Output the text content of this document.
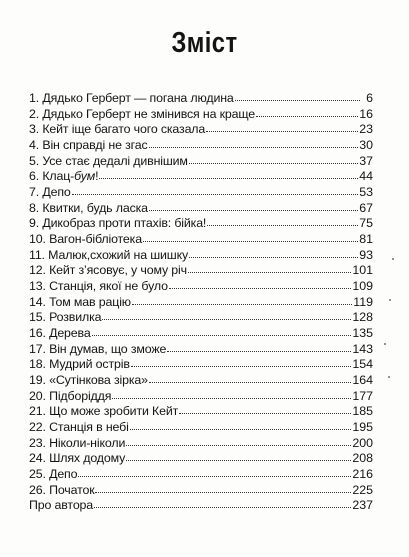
Зміст
1. Дядько Герберт — погана людина	6
2. Дядько Герберт не змінився на краще	16
3. Кейт іще багато чого сказала	23
4. Він справді не згас	30
5. Усе стає дедалі дивнішим	37
6. Клац-бум!	44
7. Депо	53
8. Квитки, будь ласка	67
9. Дикобраз проти птахів: бійка!	75
10. Вагон-бібліотека	81
11. Малюк,схожий на шишку	93
12. Кейт з’ясовує, у чому річ	101
13. Станція, якої не було	109
14. Том мав рацію	119
15. Розвилка	128
16. Дерева	135
17. Він думав, що зможе	143
18. Мудрий острів	154
19. «Сутінкова зірка»	164
20. Підборіддя	177
21. Що може зробити Кейт	185
22. Станція в небі	195
23. Ніколи-ніколи	200
24. Шлях додому	208
25. Депо	216
26. Початок	225
Про автора	237
